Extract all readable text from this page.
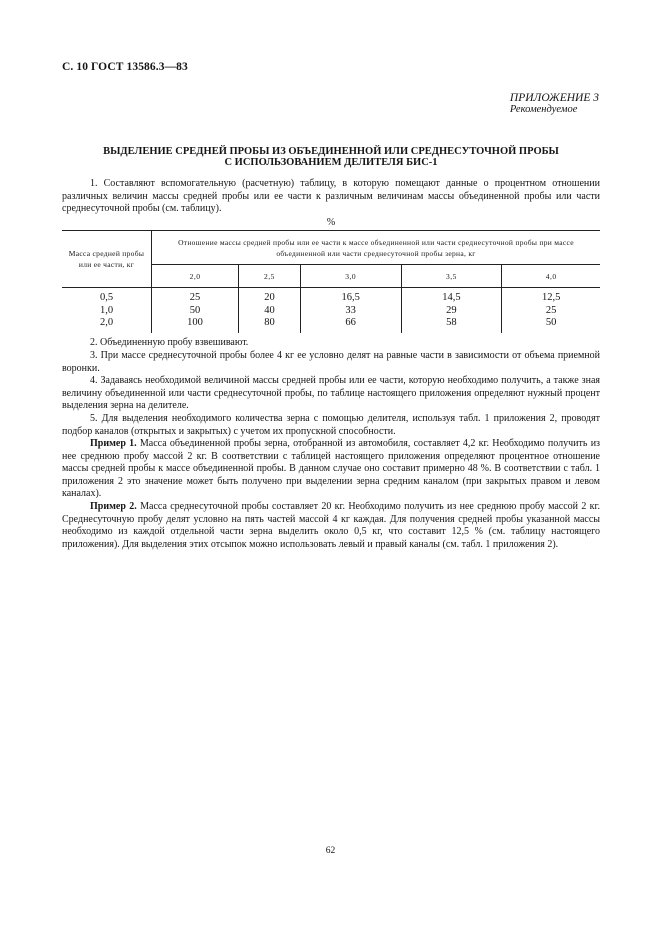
С. 10 ГОСТ 13586.3—83
ПРИЛОЖЕНИЕ 3
Рекомендуемое
ВЫДЕЛЕНИЕ СРЕДНЕЙ ПРОБЫ ИЗ ОБЪЕДИНЕННОЙ ИЛИ СРЕДНЕСУТОЧНОЙ ПРОБЫ
С ИСПОЛЬЗОВАНИЕМ ДЕЛИТЕЛЯ БИС-1
1. Составляют вспомогательную (расчетную) таблицу, в которую помещают данные о процентном отношении различных величин массы средней пробы или ее части к различным величинам массы объединенной пробы или части среднесуточной пробы (см. таблицу).
%
Масса средней пробы или ее части, кг	Отношение массы средней пробы или ее части к массе объединенной или части среднесуточной пробы при массе объединенной или части среднесуточной пробы зерна, кг				
	2,0	2,5	3,0	3,5	4,0
0,5	25	20	16,5	14,5	12,5
1,0	50	40	33	29	25
2,0	100	80	66	58	50
2. Объединенную пробу взвешивают.
3. При массе среднесуточной пробы более 4 кг ее условно делят на равные части в зависимости от объема приемной воронки.
4. Задаваясь необходимой величиной массы средней пробы или ее части, которую необходимо получить, а также зная величину объединенной или части среднесуточной пробы, по таблице настоящего приложения определяют нужный процент выделения зерна на делителе.
5. Для выделения необходимого количества зерна с помощью делителя, используя табл. 1 приложения 2, проводят подбор каналов (открытых и закрытых) с учетом их пропускной способности.
Пример 1. Масса объединенной пробы зерна, отобранной из автомобиля, составляет 4,2 кг. Необходимо получить из нее среднюю пробу массой 2 кг. В соответствии с таблицей настоящего приложения определяют процентное отношение массы средней пробы к массе объединенной пробы. В данном случае оно составит примерно 48 %. В соответствии с табл. 1 приложения 2 это значение может быть получено при выделении зерна средним каналом (при закрытых правом и левом каналах).
Пример 2. Масса среднесуточной пробы составляет 20 кг. Необходимо получить из нее среднюю пробу массой 2 кг. Среднесуточную пробу делят условно на пять частей массой 4 кг каждая. Для получения средней пробы указанной массы необходимо из каждой отдельной части зерна выделить около 0,5 кг, что составит 12,5 % (см. таблицу настоящего приложения). Для выделения этих отсыпок можно использовать левый и правый каналы (см. табл. 1 приложения 2).
62
